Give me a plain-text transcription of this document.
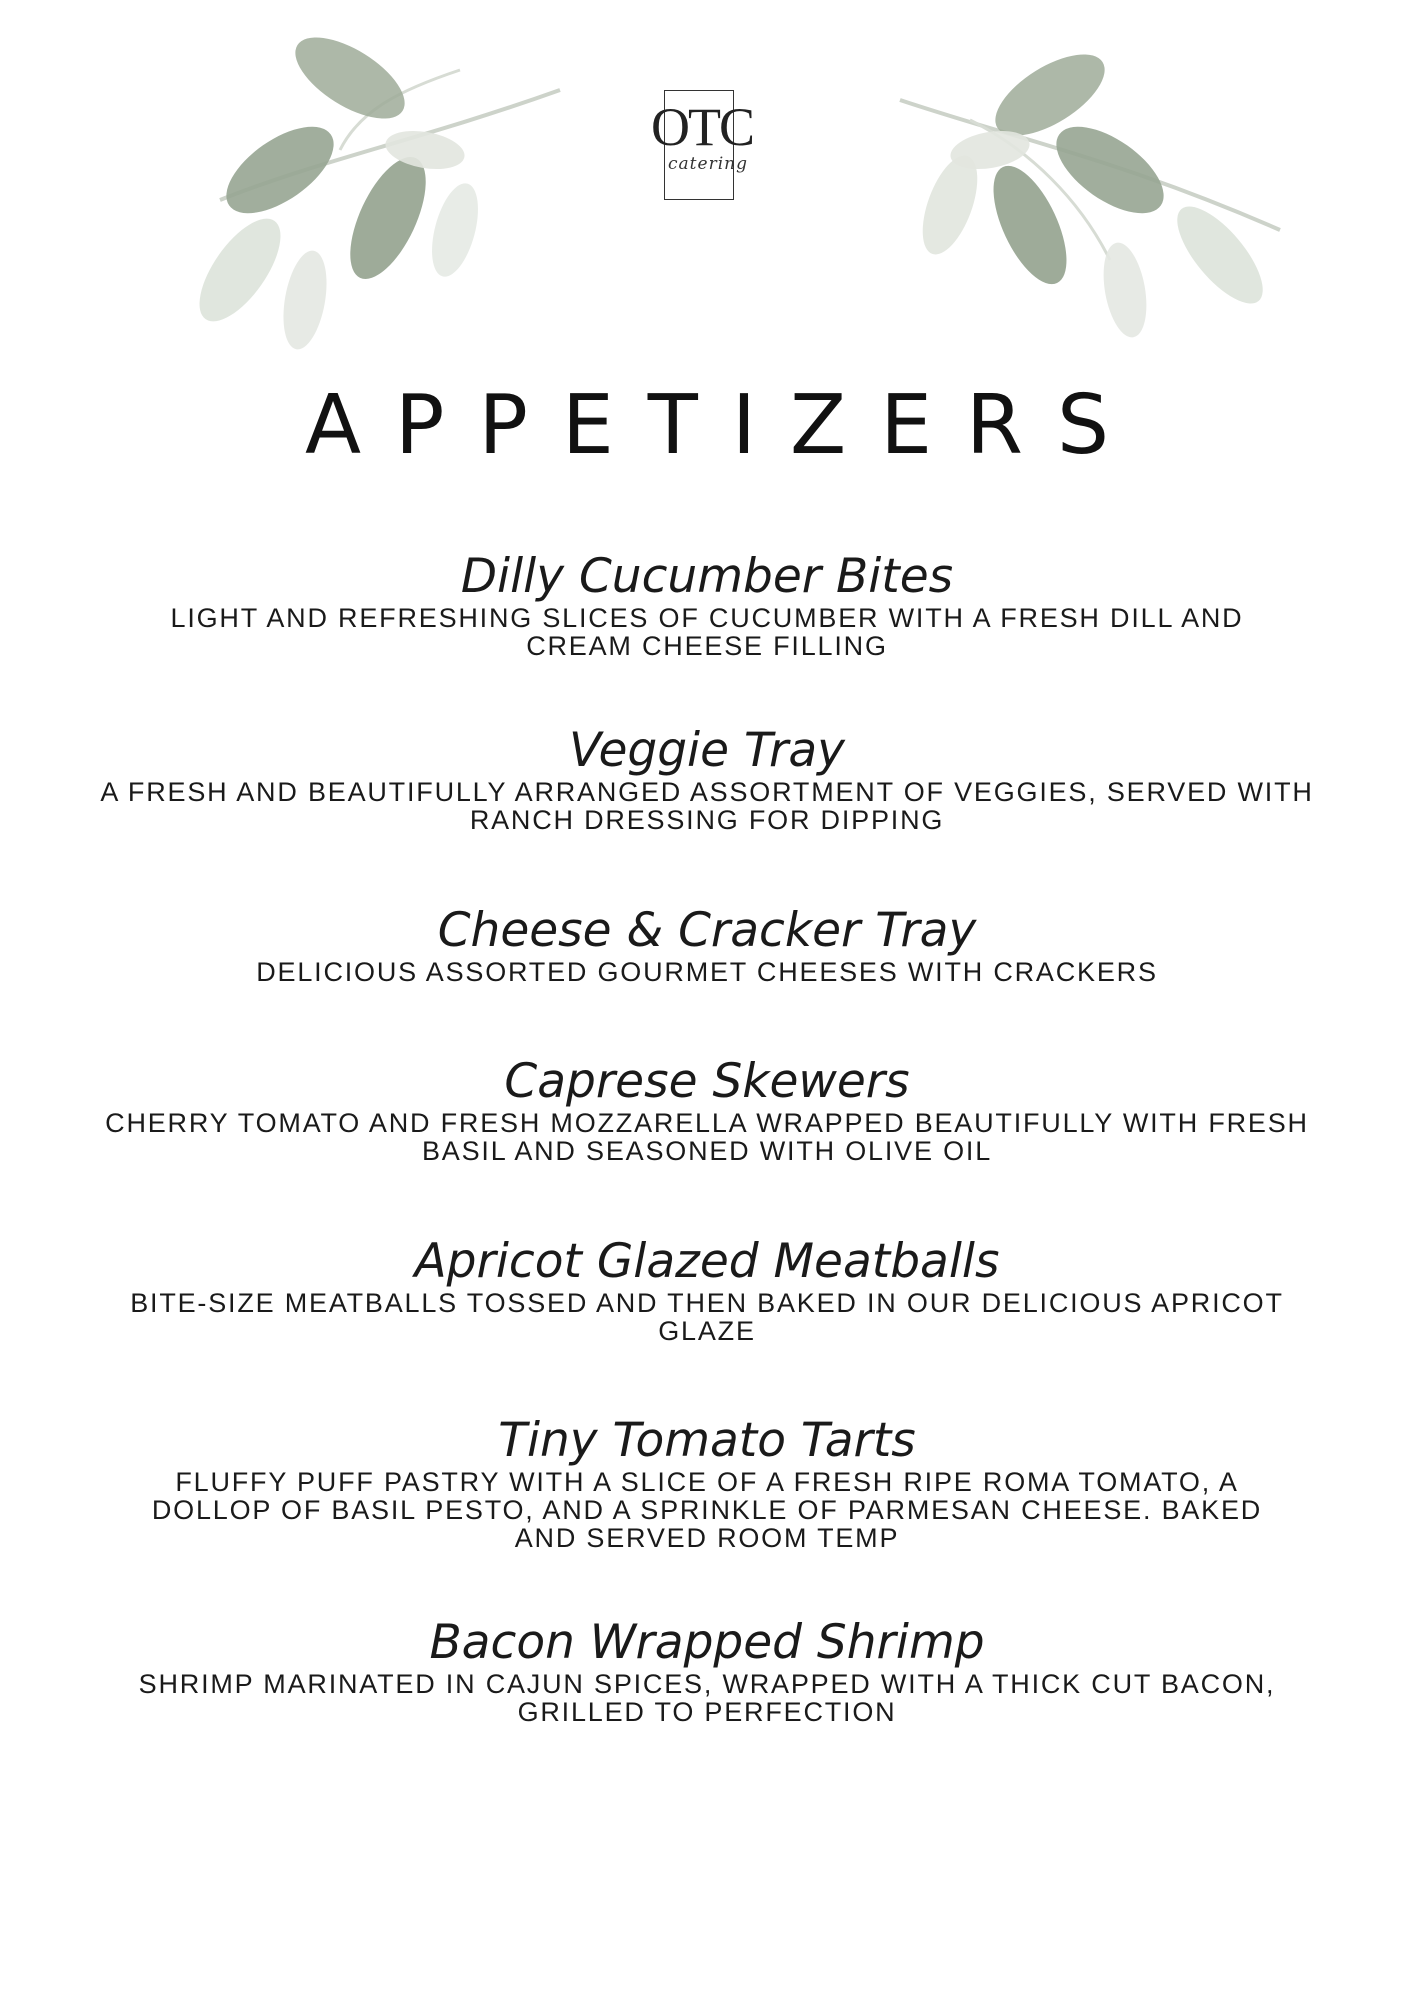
OTC
catering
APPETIZERS
Dilly Cucumber Bites
LIGHT AND REFRESHING SLICES OF CUCUMBER WITH A FRESH DILL AND CREAM CHEESE FILLING
Veggie Tray
A FRESH AND BEAUTIFULLY ARRANGED ASSORTMENT OF VEGGIES, SERVED WITH RANCH DRESSING FOR DIPPING
Cheese & Cracker Tray
DELICIOUS ASSORTED GOURMET CHEESES WITH CRACKERS
Caprese Skewers
CHERRY TOMATO AND FRESH MOZZARELLA WRAPPED BEAUTIFULLY WITH FRESH BASIL AND SEASONED WITH OLIVE OIL
Apricot Glazed Meatballs
BITE-SIZE MEATBALLS TOSSED AND THEN BAKED IN OUR DELICIOUS APRICOT GLAZE
Tiny Tomato Tarts
FLUFFY PUFF PASTRY WITH A SLICE OF A FRESH RIPE ROMA TOMATO, A DOLLOP OF BASIL PESTO, AND A SPRINKLE OF PARMESAN CHEESE. BAKED AND SERVED ROOM TEMP
Bacon Wrapped Shrimp
SHRIMP MARINATED IN CAJUN SPICES, WRAPPED WITH A THICK CUT BACON, GRILLED TO PERFECTION
